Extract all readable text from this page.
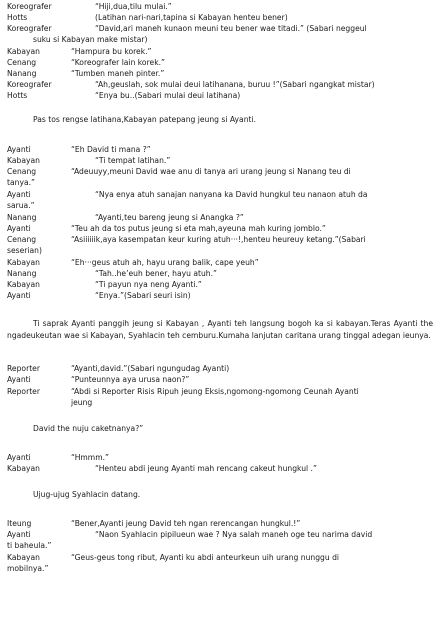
Koreografer	“Hiji,dua,tilu mulai.”
Hotts	(Latihan nari-nari,tapina si Kabayan henteu bener)
Koreografer	“David,ari maneh kunaon meuni teu bener wae titadi.” (Sabari neggeul
suku si Kabayan make mistar)
Kabayan	“Hampura bu korek.”
Cenang	“Koreografer lain korek.”
Nanang	“Tumben maneh pinter.”
Koreografer	“Ah,geuslah, sok mulai deui latihanana, buruu !”(Sabari ngangkat mistar)
Hotts	“Enya bu..(Sabari mulai deui latihana)
Pas tos rengse latihana,Kabayan patepang jeung si Ayanti.
Ayanti	“Eh David ti mana ?”
Kabayan	“Ti tempat latihan.”
Cenang	“Adeuuyy,meuni David wae anu di tanya ari urang jeung si Nanang teu di
tanya.”
Ayanti	“Nya enya atuh sanajan nanyana ka David hungkul teu nanaon atuh da
sarua.”
Nanang	“Ayanti,teu bareng jeung si Anangka ?”
Ayanti	“Teu ah da tos putus jeung si eta mah,ayeuna mah kuring jomblo.”
Cenang	“Asiiiiiik,aya kasempatan keur kuring atuh···!,henteu heureuy ketang.”(Sabari
seserian)
Kabayan	“Eh···geus atuh ah, hayu urang balik, cape yeuh”
Nanang	“Tah..he’euh bener, hayu atuh.”
Kabayan	“Ti payun nya neng Ayanti.”
Ayanti	“Enya.”(Sabari seuri isin)
Ti saprak Ayanti panggih jeung si Kabayan , Ayanti teh langsung bogoh ka si kabayan.Teras Ayanti the ngadeukeutan wae si Kabayan, Syahlacin teh cemburu.Kumaha lanjutan caritana urang tinggal adegan ieunya.
Reporter	“Ayanti,david.”(Sabari ngungudag Ayanti)
Ayanti	“Punteunnya aya urusa naon?”
Reporter	“Abdi si Reporter Risis Ripuh jeung Eksis,ngomong-ngomong Ceunah Ayanti
jeung
David the nuju caketnanya?”
Ayanti	“Hmmm.”
Kabayan	“Henteu abdi jeung Ayanti mah rencang cakeut hungkul .”
Ujug-ujug Syahlacin datang.
Iteung	“Bener,Ayanti jeung David teh ngan rerencangan hungkul.!”
Ayanti	“Naon Syahlacin pipilueun wae ? Nya salah maneh oge teu narima david
ti baheula.”
Kabayan	“Geus-geus tong ribut, Ayanti ku abdi anteurkeun uih urang nunggu di
mobilnya.”
